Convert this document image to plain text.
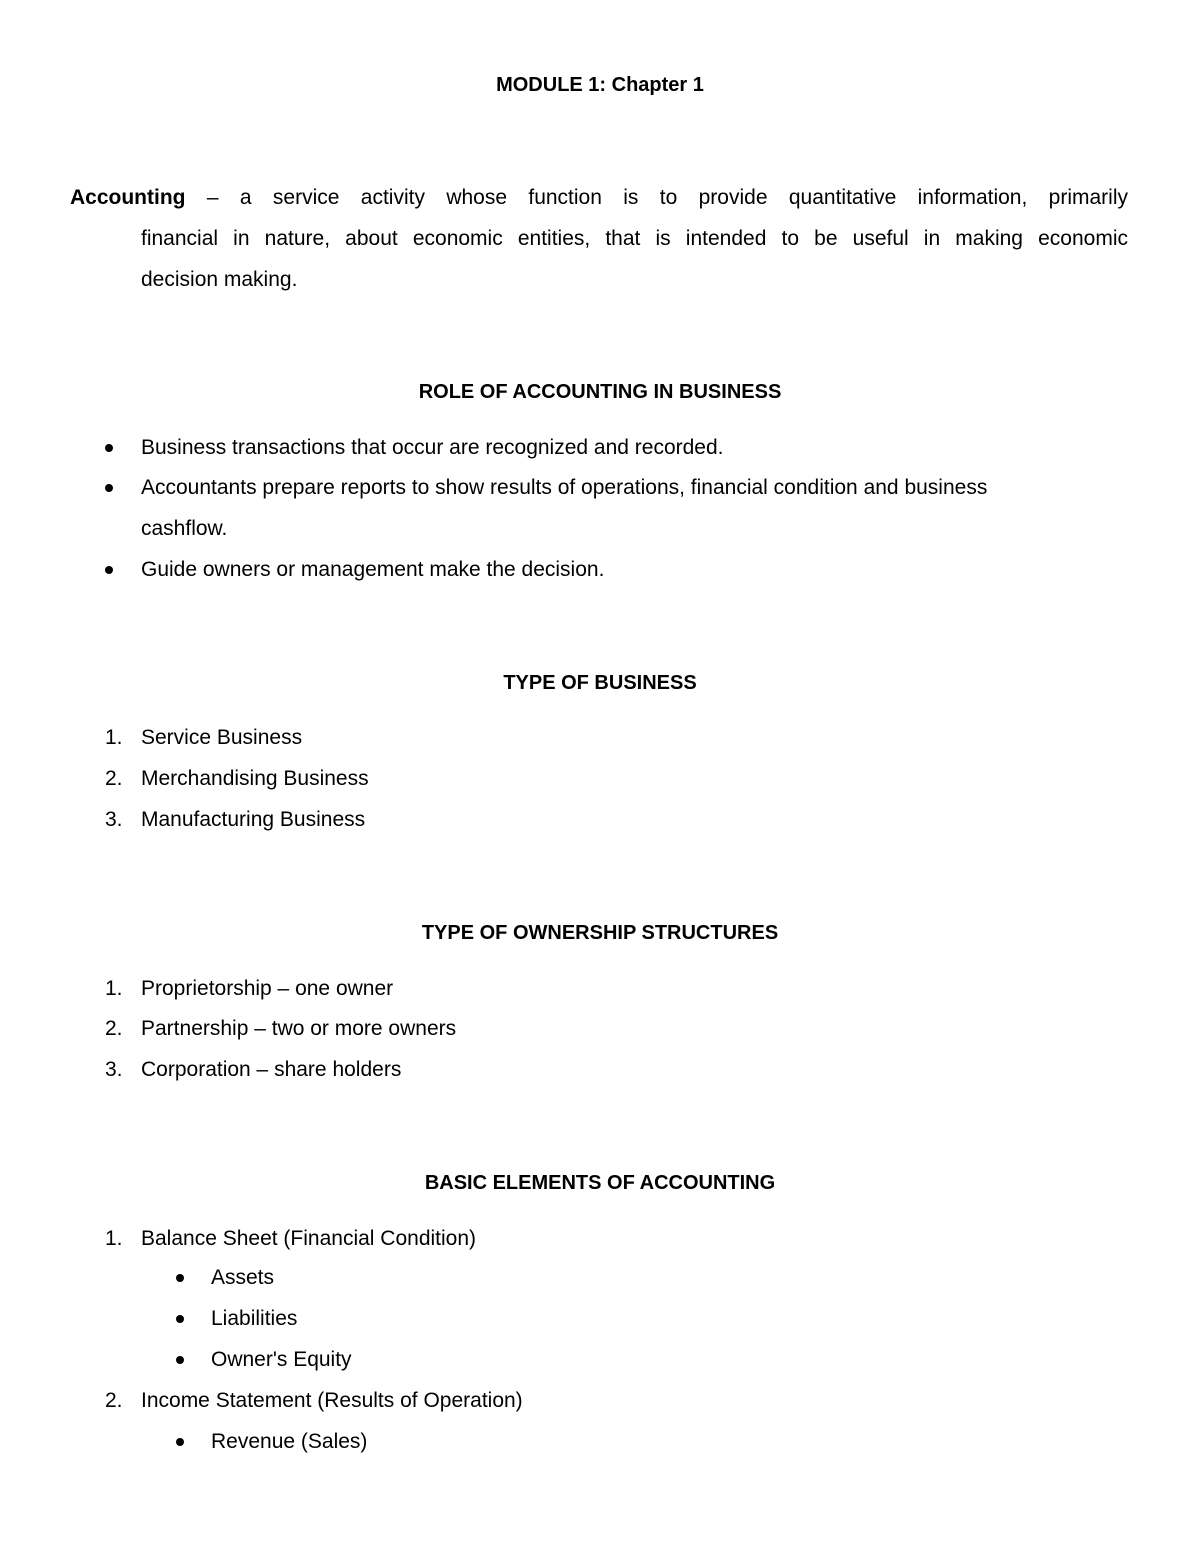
MODULE 1: Chapter 1
Accounting – a service activity whose function is to provide quantitative information, primarily
financial in nature, about economic entities, that is intended to be useful in making economic
decision making.
ROLE OF ACCOUNTING IN BUSINESS
Business transactions that occur are recognized and recorded.
Accountants prepare reports to show results of operations, financial condition and business
cashflow.
Guide owners or management make the decision.
TYPE OF BUSINESS
1. Service Business
2. Merchandising Business
3. Manufacturing Business
TYPE OF OWNERSHIP STRUCTURES
1. Proprietorship – one owner
2. Partnership – two or more owners
3. Corporation – share holders
BASIC ELEMENTS OF ACCOUNTING
1. Balance Sheet (Financial Condition)
Assets
Liabilities
Owner's Equity
2. Income Statement (Results of Operation)
Revenue (Sales)
